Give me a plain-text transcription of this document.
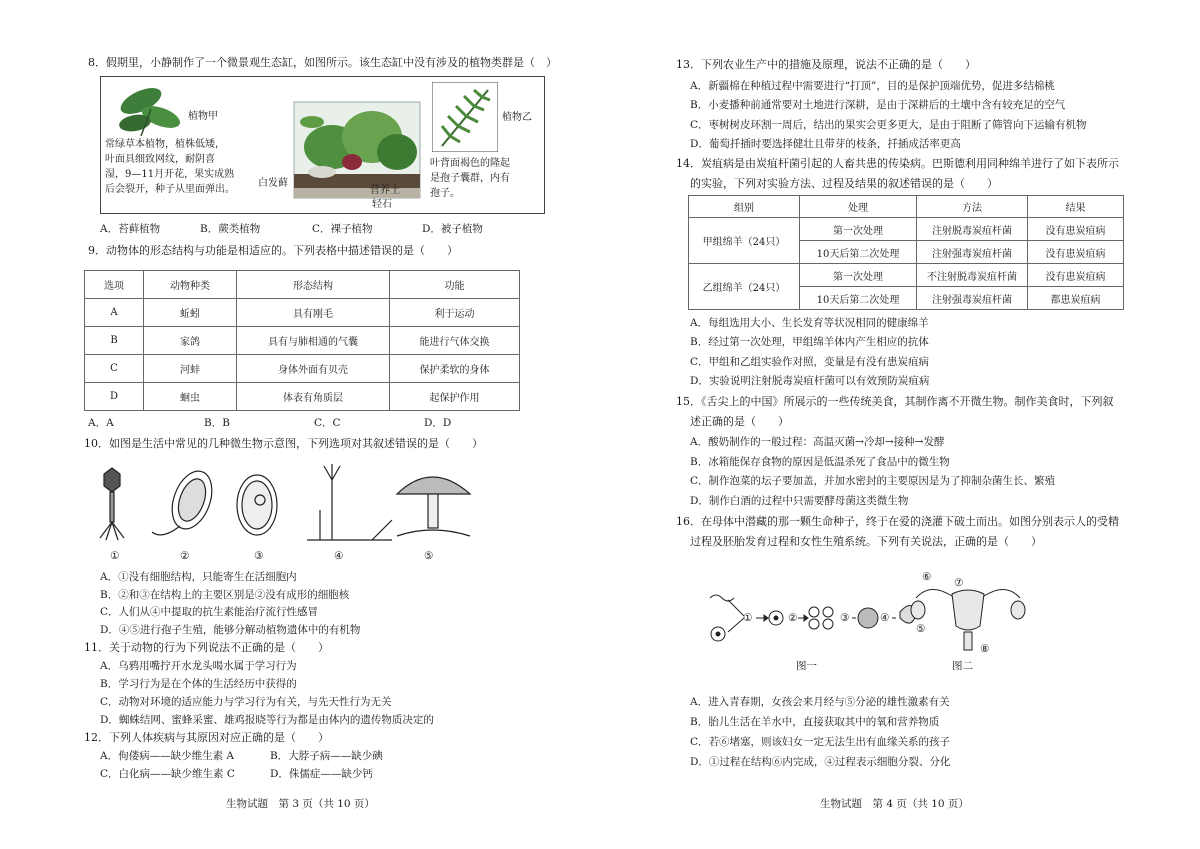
8．假期里，小静制作了一个微景观生态缸，如图所示。该生态缸中没有涉及的植物类群是（　）
植物甲
常绿草本植物，植株低矮，
叶面具细致网纹，耐阴喜
湿，9—11月开花，果实成熟
后会裂开，种子从里面弹出。
白发藓
营养土
轻石
植物乙
叶背面褐色的隆起
是孢子囊群，内有
孢子。
A．苔藓植物	B．蕨类植物	C．裸子植物	D．被子植物
9．动物体的形态结构与功能是相适应的。下列表格中描述错误的是（　　）
选项	动物种类	形态结构	功能
A	蚯蚓	具有刚毛	利于运动
B	家鸽	具有与肺相通的气囊	能进行气体交换
C	河蚌	身体外面有贝壳	保护柔软的身体
D	蛔虫	体表有角质层	起保护作用
A．A	B．B	C．C	D．D
10．如图是生活中常见的几种微生物示意图，下列选项对其叙述错误的是（　　）
①	②	③	④	⑤
A．①没有细胞结构，只能寄生在活细胞内
B．②和③在结构上的主要区别是②没有成形的细胞核
C．人们从④中提取的抗生素能治疗流行性感冒
D．④⑤进行孢子生殖，能够分解动植物遗体中的有机物
11．关于动物的行为下列说法不正确的是（　　）
A．乌鸦用嘴拧开水龙头喝水属于学习行为
B．学习行为是在个体的生活经历中获得的
C．动物对环境的适应能力与学习行为有关，与先天性行为无关
D．蜘蛛结网、蜜蜂采蜜、雄鸡报晓等行为都是由体内的遗传物质决定的
12．下列人体疾病与其原因对应正确的是（　　）
A．佝偻病——缺少维生素 A	B．大脖子病——缺少碘
C．白化病——缺少维生素 C	D．侏儒症——缺少钙
生物试题　第 3 页（共 10 页）
13．下列农业生产中的措施及原理，说法不正确的是（　　）
A．新疆棉在种植过程中需要进行“打顶”，目的是保护顶端优势，促进多结棉桃
B．小麦播种前通常要对土地进行深耕，是由于深耕后的土壤中含有较充足的空气
C．枣树树皮环割一周后，结出的果实会更多更大，是由于阻断了筛管向下运输有机物
D．葡萄扦插时要选择健壮且带芽的枝条，扦插成活率更高
14．炭疽病是由炭疽杆菌引起的人畜共患的传染病。巴斯德利用同种绵羊进行了如下表所示
的实验，下列对实验方法、过程及结果的叙述错误的是（　　）
组别	处理	方法	结果
甲组绵羊（24只）	第一次处理	注射脱毒炭疽杆菌	没有患炭疽病
	10天后第二次处理	注射强毒炭疽杆菌	没有患炭疽病
乙组绵羊（24只）	第一次处理	不注射脱毒炭疽杆菌	没有患炭疽病
	10天后第二次处理	注射强毒炭疽杆菌	都患炭疽病
A．每组选用大小、生长发育等状况相同的健康绵羊
B．经过第一次处理，甲组绵羊体内产生相应的抗体
C．甲组和乙组实验作对照，变量是有没有患炭疽病
D．实验说明注射脱毒炭疽杆菌可以有效预防炭疽病
15．《舌尖上的中国》所展示的一些传统美食，其制作离不开微生物。制作美食时，下列叙
述正确的是（　　）
A．酸奶制作的一般过程：高温灭菌→冷却→接种→发酵
B．冰箱能保存食物的原因是低温杀死了食品中的微生物
C．制作泡菜的坛子要加盖，并加水密封的主要原因是为了抑制杂菌生长、繁殖
D．制作白酒的过程中只需要酵母菌这类微生物
16．在母体中潜藏的那一颗生命种子，终于在爱的浇灌下破土而出。如图分别表示人的受精
过程及胚胎发育过程和女性生殖系统。下列有关说法，正确的是（　　）
①	②	③	④
⑥ ⑦
⑤
⑧
图一	图二
A．进入青春期，女孩会来月经与⑤分泌的雄性激素有关
B．胎儿生活在羊水中，直接获取其中的氧和营养物质
C．若⑥堵塞，则该妇女一定无法生出有血缘关系的孩子
D．①过程在结构⑥内完成，④过程表示细胞分裂、分化
生物试题　第 4 页（共 10 页）
